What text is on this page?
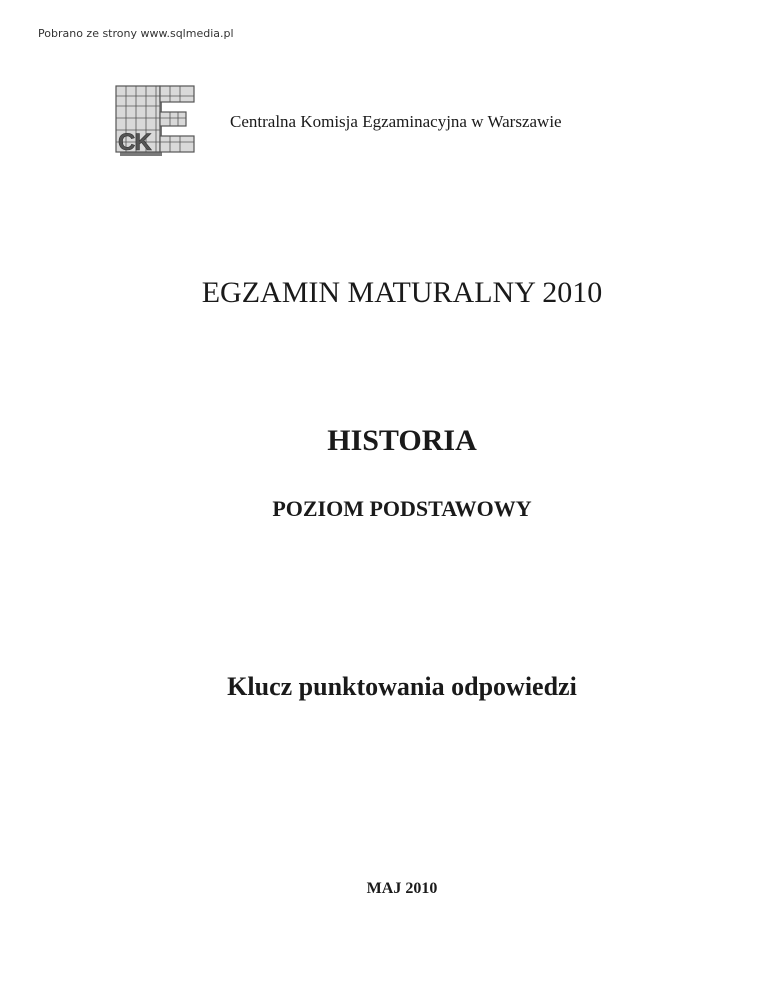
Pobrano ze strony www.sqlmedia.pl
CK
Centralna Komisja Egzaminacyjna w Warszawie
EGZAMIN MATURALNY 2010
HISTORIA
POZIOM PODSTAWOWY
Klucz punktowania odpowiedzi
MAJ 2010
